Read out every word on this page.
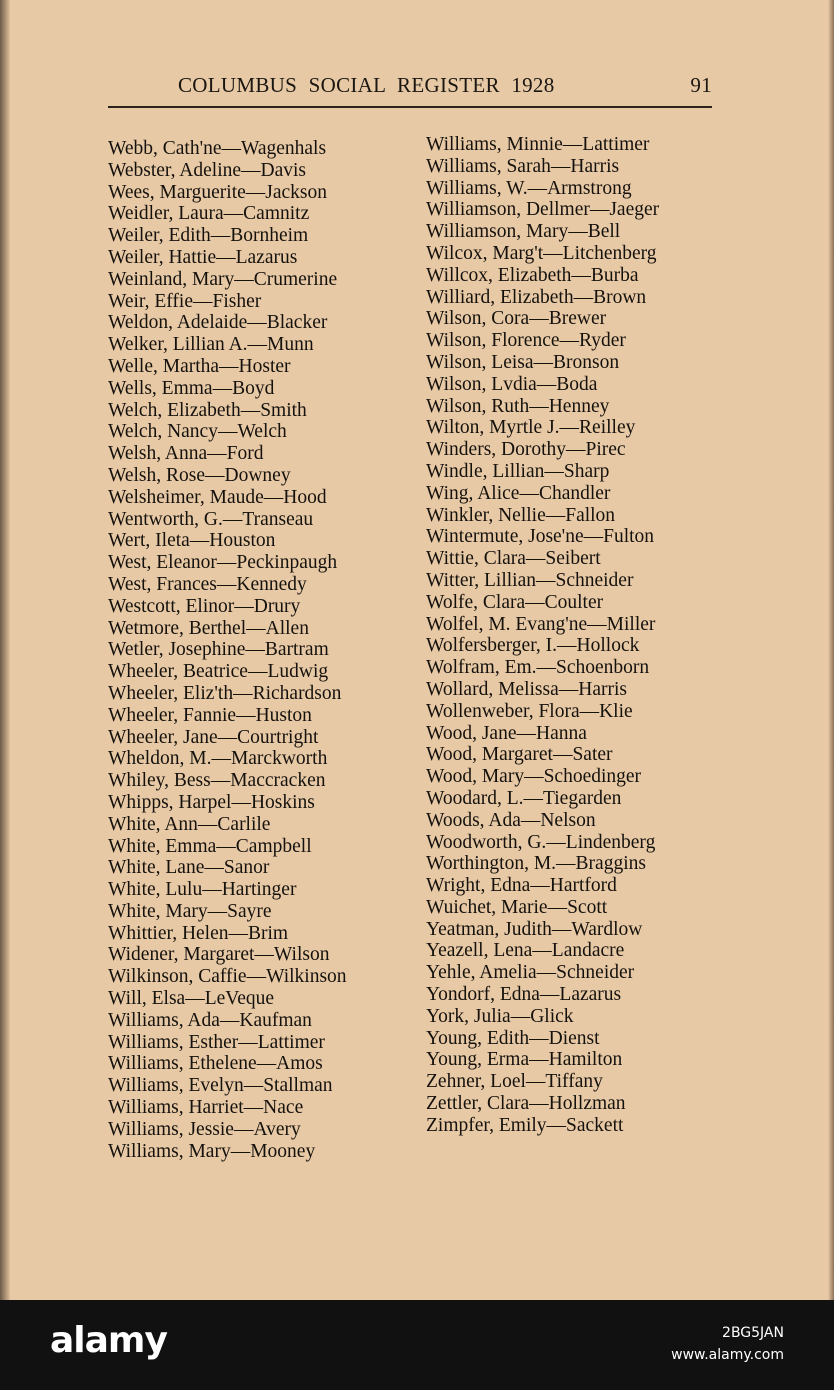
COLUMBUS SOCIAL REGISTER 1928	91
Webb, Cath'ne—Wagenhals
Webster, Adeline—Davis
Wees, Marguerite—Jackson
Weidler, Laura—Camnitz
Weiler, Edith—Bornheim
Weiler, Hattie—Lazarus
Weinland, Mary—Crumerine
Weir, Effie—Fisher
Weldon, Adelaide—Blacker
Welker, Lillian A.—Munn
Welle, Martha—Hoster
Wells, Emma—Boyd
Welch, Elizabeth—Smith
Welch, Nancy—Welch
Welsh, Anna—Ford
Welsh, Rose—Downey
Welsheimer, Maude—Hood
Wentworth, G.—Transeau
Wert, Ileta—Houston
West, Eleanor—Peckinpaugh
West, Frances—Kennedy
Westcott, Elinor—Drury
Wetmore, Berthel—Allen
Wetler, Josephine—Bartram
Wheeler, Beatrice—Ludwig
Wheeler, Eliz'th—Richardson
Wheeler, Fannie—Huston
Wheeler, Jane—Courtright
Wheldon, M.—Marckworth
Whiley, Bess—Maccracken
Whipps, Harpel—Hoskins
White, Ann—Carlile
White, Emma—Campbell
White, Lane—Sanor
White, Lulu—Hartinger
White, Mary—Sayre
Whittier, Helen—Brim
Widener, Margaret—Wilson
Wilkinson, Caffie—Wilkinson
Will, Elsa—LeVeque
Williams, Ada—Kaufman
Williams, Esther—Lattimer
Williams, Ethelene—Amos
Williams, Evelyn—Stallman
Williams, Harriet—Nace
Williams, Jessie—Avery
Williams, Mary—Mooney
Williams, Minnie—Lattimer
Williams, Sarah—Harris
Williams, W.—Armstrong
Williamson, Dellmer—Jaeger
Williamson, Mary—Bell
Wilcox, Marg't—Litchenberg
Willcox, Elizabeth—Burba
Williard, Elizabeth—Brown
Wilson, Cora—Brewer
Wilson, Florence—Ryder
Wilson, Leisa—Bronson
Wilson, Lvdia—Boda
Wilson, Ruth—Henney
Wilton, Myrtle J.—Reilley
Winders, Dorothy—Pirec
Windle, Lillian—Sharp
Wing, Alice—Chandler
Winkler, Nellie—Fallon
Wintermute, Jose'ne—Fulton
Wittie, Clara—Seibert
Witter, Lillian—Schneider
Wolfe, Clara—Coulter
Wolfel, M. Evang'ne—Miller
Wolfersberger, I.—Hollock
Wolfram, Em.—Schoenborn
Wollard, Melissa—Harris
Wollenweber, Flora—Klie
Wood, Jane—Hanna
Wood, Margaret—Sater
Wood, Mary—Schoedinger
Woodard, L.—Tiegarden
Woods, Ada—Nelson
Woodworth, G.—Lindenberg
Worthington, M.—Braggins
Wright, Edna—Hartford
Wuichet, Marie—Scott
Yeatman, Judith—Wardlow
Yeazell, Lena—Landacre
Yehle, Amelia—Schneider
Yondorf, Edna—Lazarus
York, Julia—Glick
Young, Edith—Dienst
Young, Erma—Hamilton
Zehner, Loel—Tiffany
Zettler, Clara—Hollzman
Zimpfer, Emily—Sackett
alamy	2BG5JAN
www.alamy.com
